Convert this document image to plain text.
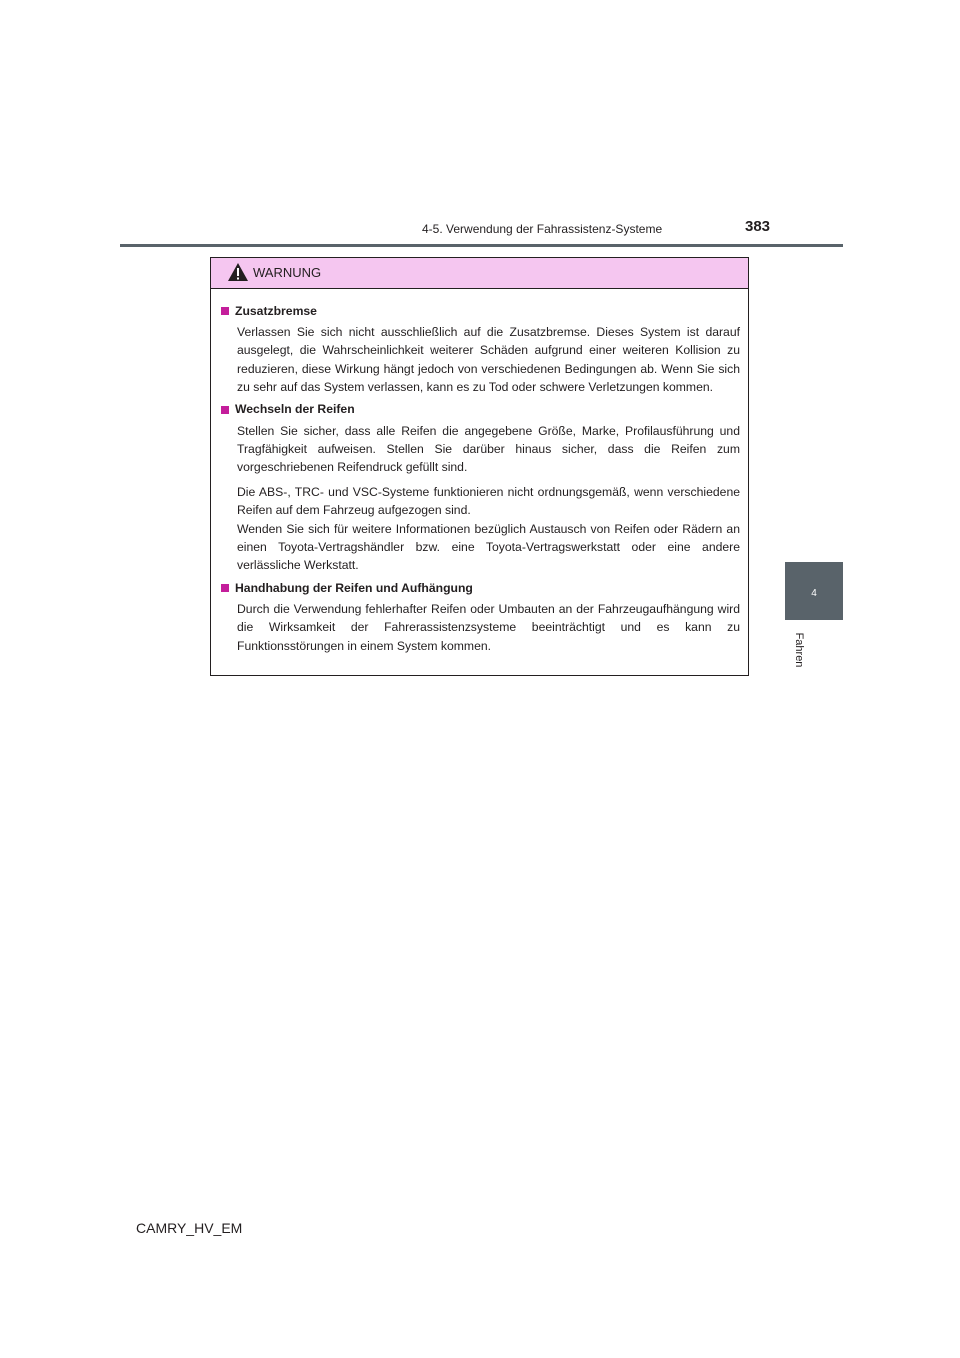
4-5. Verwendung der Fahrassistenz-Systeme	383
4
Fahren
WARNUNG
Zusatzbremse
Verlassen Sie sich nicht ausschließlich auf die Zusatzbremse. Dieses System ist darauf ausgelegt, die Wahrscheinlichkeit weiterer Schäden aufgrund einer weiteren Kollision zu reduzieren, diese Wirkung hängt jedoch von verschiedenen Bedingungen ab. Wenn Sie sich zu sehr auf das System verlassen, kann es zu Tod oder schwere Verletzungen kommen.
Wechseln der Reifen
Stellen Sie sicher, dass alle Reifen die angegebene Größe, Marke, Profilausführung und Tragfähigkeit aufweisen. Stellen Sie darüber hinaus sicher, dass die Reifen zum vorgeschriebenen Reifendruck gefüllt sind.
Die ABS-, TRC- und VSC-Systeme funktionieren nicht ordnungsgemäß, wenn verschiedene Reifen auf dem Fahrzeug aufgezogen sind.
Wenden Sie sich für weitere Informationen bezüglich Austausch von Reifen oder Rädern an einen Toyota-Vertragshändler bzw. eine Toyota-Vertragswerkstatt oder eine andere verlässliche Werkstatt.
Handhabung der Reifen und Aufhängung
Durch die Verwendung fehlerhafter Reifen oder Umbauten an der Fahrzeugaufhängung wird die Wirksamkeit der Fahrerassistenzsysteme beeinträchtigt und es kann zu Funktionsstörungen in einem System kommen.
CAMRY_HV_EM
